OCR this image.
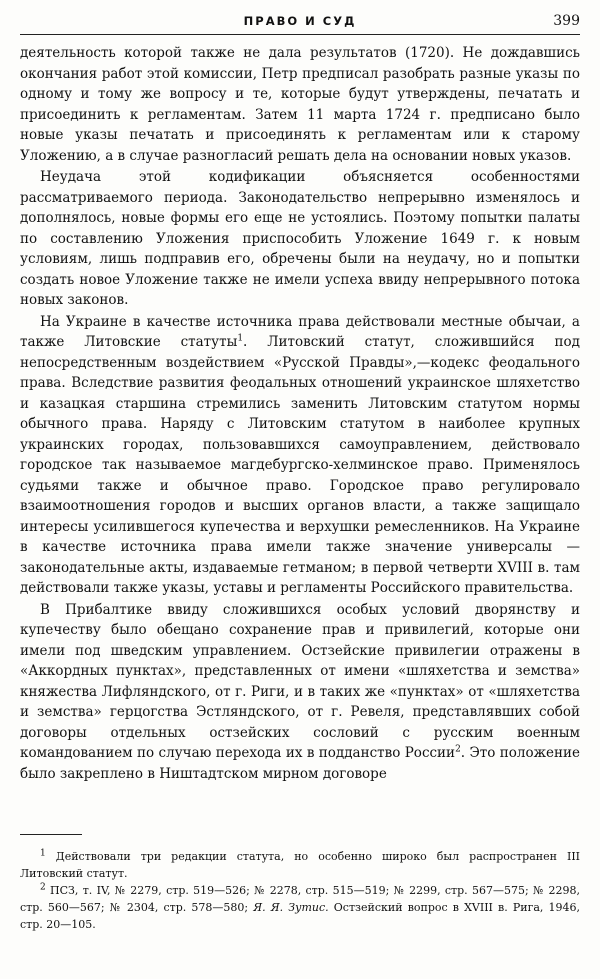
ПРАВО И СУД	399

деятельность которой также не дала результатов (1720). Не дождавшись окончания работ этой комиссии, Петр предписал разобрать разные указы по одному и тому же вопросу и те, которые будут утверждены, печатать и присоединить к регламентам. Затем 11 марта 1724 г. предписано было новые указы печатать и присоединять к регламентам или к старому Уложению, а в случае разногласий решать дела на основании новых указов.

Неудача этой кодификации объясняется особенностями рассматриваемого периода. Законодательство непрерывно изменялось и дополнялось, новые формы его еще не устоялись. Поэтому попытки палаты по составлению Уложения приспособить Уложение 1649 г. к новым условиям, лишь подправив его, обречены были на неудачу, но и попытки создать новое Уложение также не имели успеха ввиду непрерывного потока новых законов.

На Украине в качестве источника права действовали местные обычаи, а также Литовские статуты$^1$. Литовский статут, сложившийся под непосредственным воздействием «Русской Правды»,—кодекс феодального права. Вследствие развития феодальных отношений украинское шляхетство и казацкая старшина стремились заменить Литовским статутом нормы обычного права. Наряду с Литовским статутом в наиболее крупных украинских городах, пользовавшихся самоуправлением, действовало городское так называемое магдебургско-хелминское право. Применялось судьями также и обычное право. Городское право регулировало взаимоотношения городов и высших органов власти, а также защищало интересы усилившегося купечества и верхушки ремесленников. На Украине в качестве источника права имели также значение универсалы — законодательные акты, издаваемые гетманом; в первой четверти XVIII в. там действовали также указы, уставы и регламенты Российского правительства.

В Прибалтике ввиду сложившихся особых условий дворянству и купечеству было обещано сохранение прав и привилегий, которые они имели под шведским управлением. Остзейские привилегии отражены в «Аккордных пунктах», представленных от имени «шляхетства и земства» княжества Лифляндского, от г. Риги, и в таких же «пунктах» от «шляхетства и земства» герцогства Эстляндского, от г. Ревеля, представлявших собой договоры отдельных остзейских сословий с русским военным командованием по случаю перехода их в подданство России$^2$. Это положение было закреплено в Ништадтском мирном договоре

$^1$ Действовали три редакции статута, но особенно широко был распространен III Литовский статут.

$^2$ ПСЗ, т. IV, № 2279, стр. 519—526; № 2278, стр. 515—519; № 2299, стр. 567—575; № 2298, стр. 560—567; № 2304, стр. 578—580; Я. Я. Зутис. Остзейский вопрос в XVIII в. Рига, 1946, стр. 20—105.
